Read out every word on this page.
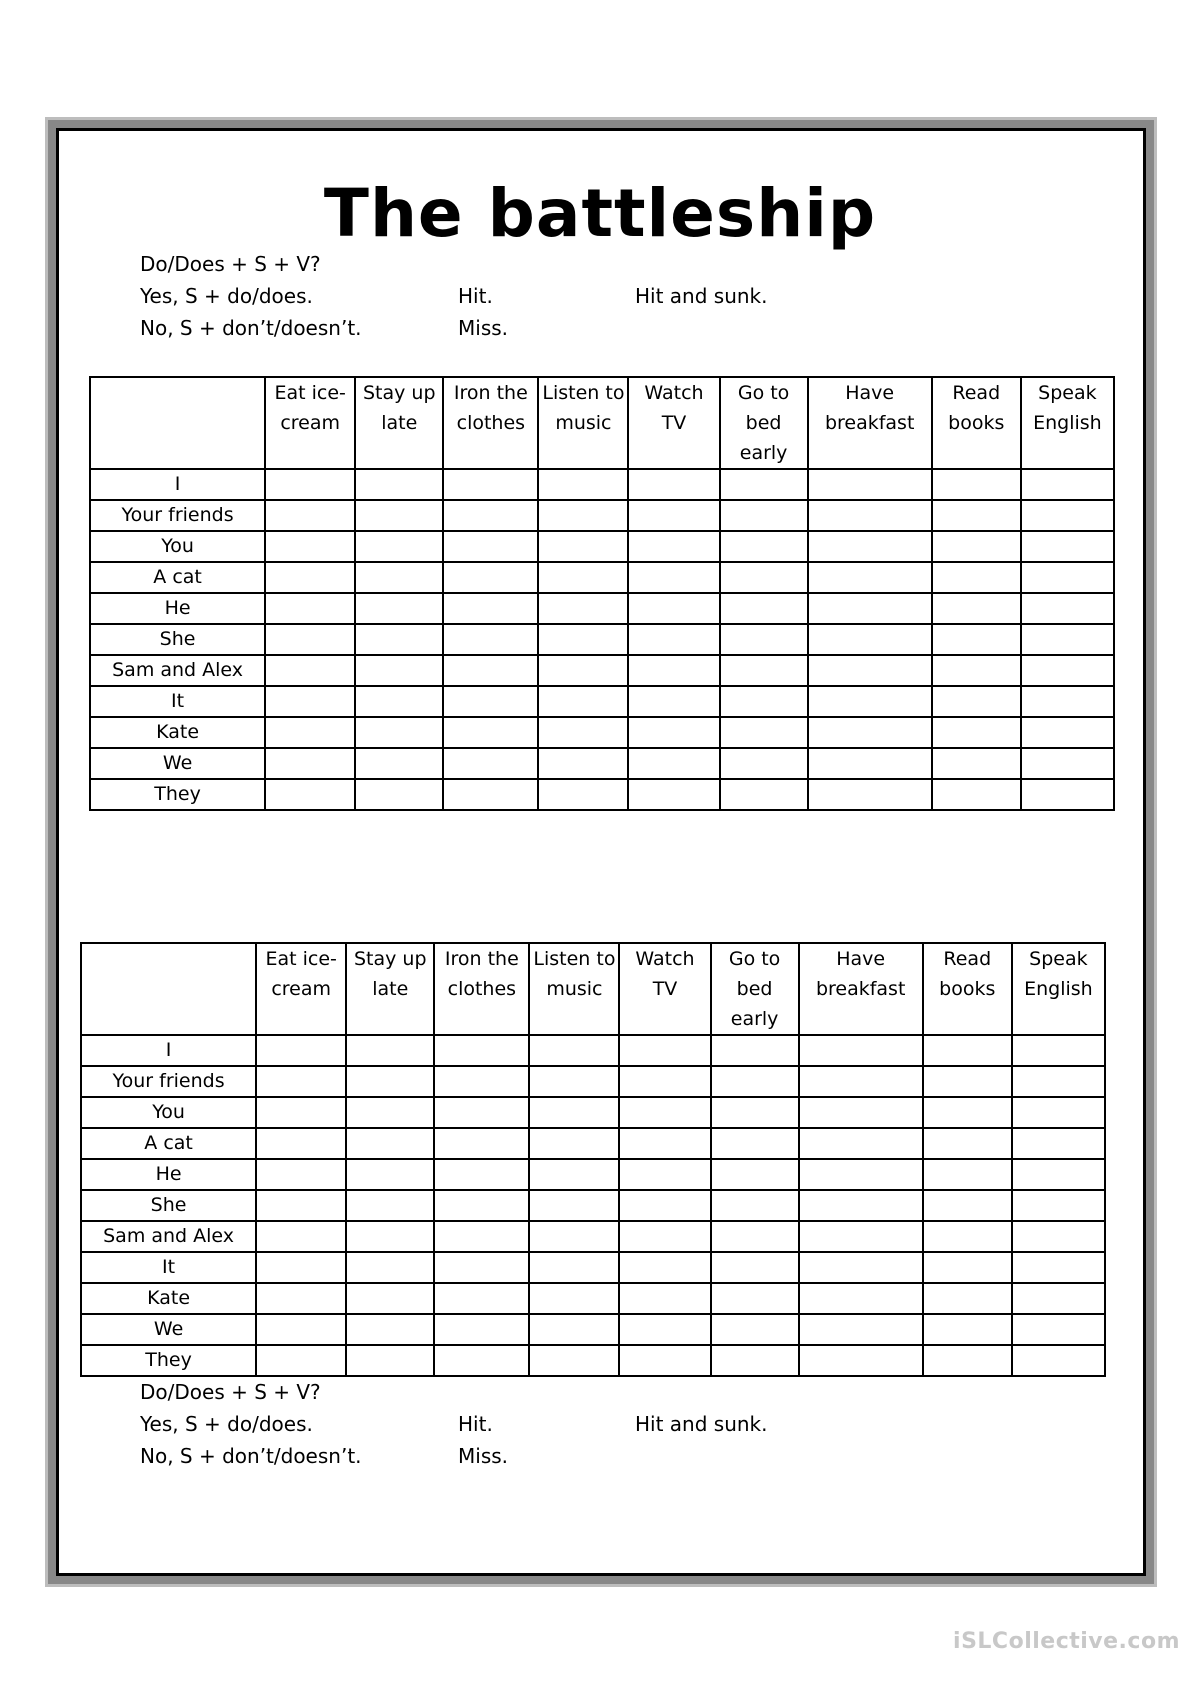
The battleship
Do/Does + S + V?
Yes, S + do/does.	Hit.	Hit and sunk.
No, S + don’t/doesn’t.	Miss.
	Eat ice-cream	Stay up late	Iron the clothes	Listen to music	Watch TV	Go to bed early	Have breakfast	Read books	Speak English
I									
Your friends									
You									
A cat									
He									
She									
Sam and Alex									
It									
Kate									
We									
They									
	Eat ice-cream	Stay up late	Iron the clothes	Listen to music	Watch TV	Go to bed early	Have breakfast	Read books	Speak English
I									
Your friends									
You									
A cat									
He									
She									
Sam and Alex									
It									
Kate									
We									
They									
Do/Does + S + V?
Yes, S + do/does.	Hit.	Hit and sunk.
No, S + don’t/doesn’t.	Miss.
iSLCollective.com
